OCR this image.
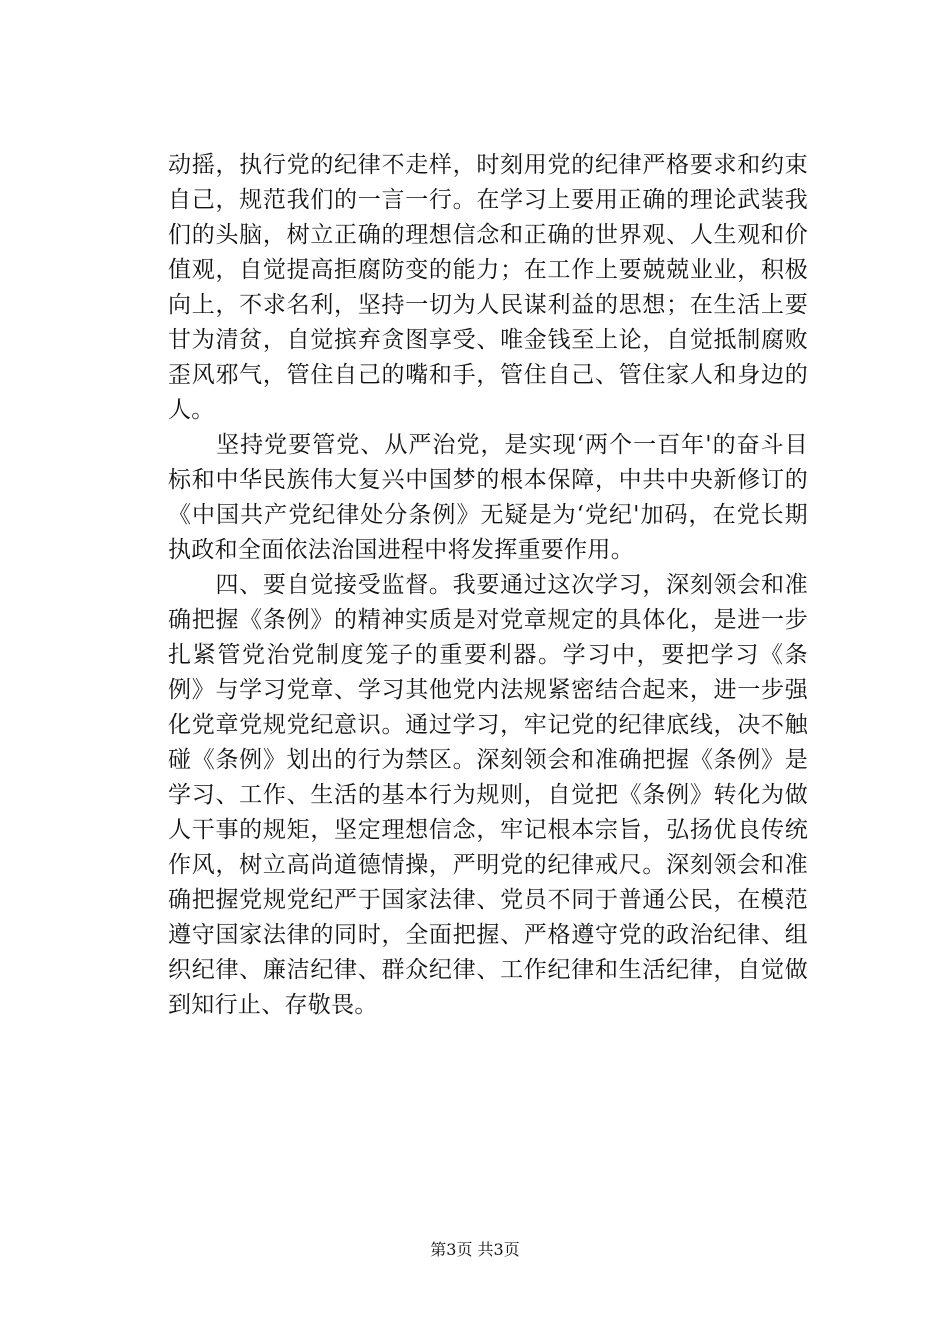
动摇，执行党的纪律不走样，时刻用党的纪律严格要求和约束
自己，规范我们的一言一行。在学习上要用正确的理论武装我
们的头脑，树立正确的理想信念和正确的世界观、人生观和价
值观，自觉提高拒腐防变的能力；在工作上要兢兢业业，积极
向上，不求名利，坚持一切为人民谋利益的思想；在生活上要
甘为清贫，自觉摈弃贪图享受、唯金钱至上论，自觉抵制腐败
歪风邪气，管住自己的嘴和手，管住自己、管住家人和身边的
人。
　　坚持党要管党、从严治党，是实现‘两个一百年'的奋斗目
标和中华民族伟大复兴中国梦的根本保障，中共中央新修订的
《中国共产党纪律处分条例》无疑是为‘党纪'加码，在党长期
执政和全面依法治国进程中将发挥重要作用。
　　四、要自觉接受监督。我要通过这次学习，深刻领会和准
确把握《条例》的精神实质是对党章规定的具体化，是进一步
扎紧管党治党制度笼子的重要利器。学习中，要把学习《条
例》与学习党章、学习其他党内法规紧密结合起来，进一步强
化党章党规党纪意识。通过学习，牢记党的纪律底线，决不触
碰《条例》划出的行为禁区。深刻领会和准确把握《条例》是
学习、工作、生活的基本行为规则，自觉把《条例》转化为做
人干事的规矩，坚定理想信念，牢记根本宗旨，弘扬优良传统
作风，树立高尚道德情操，严明党的纪律戒尺。深刻领会和准
确把握党规党纪严于国家法律、党员不同于普通公民，在模范
遵守国家法律的同时，全面把握、严格遵守党的政治纪律、组
织纪律、廉洁纪律、群众纪律、工作纪律和生活纪律，自觉做
到知行止、存敬畏。
第3页 共3页
